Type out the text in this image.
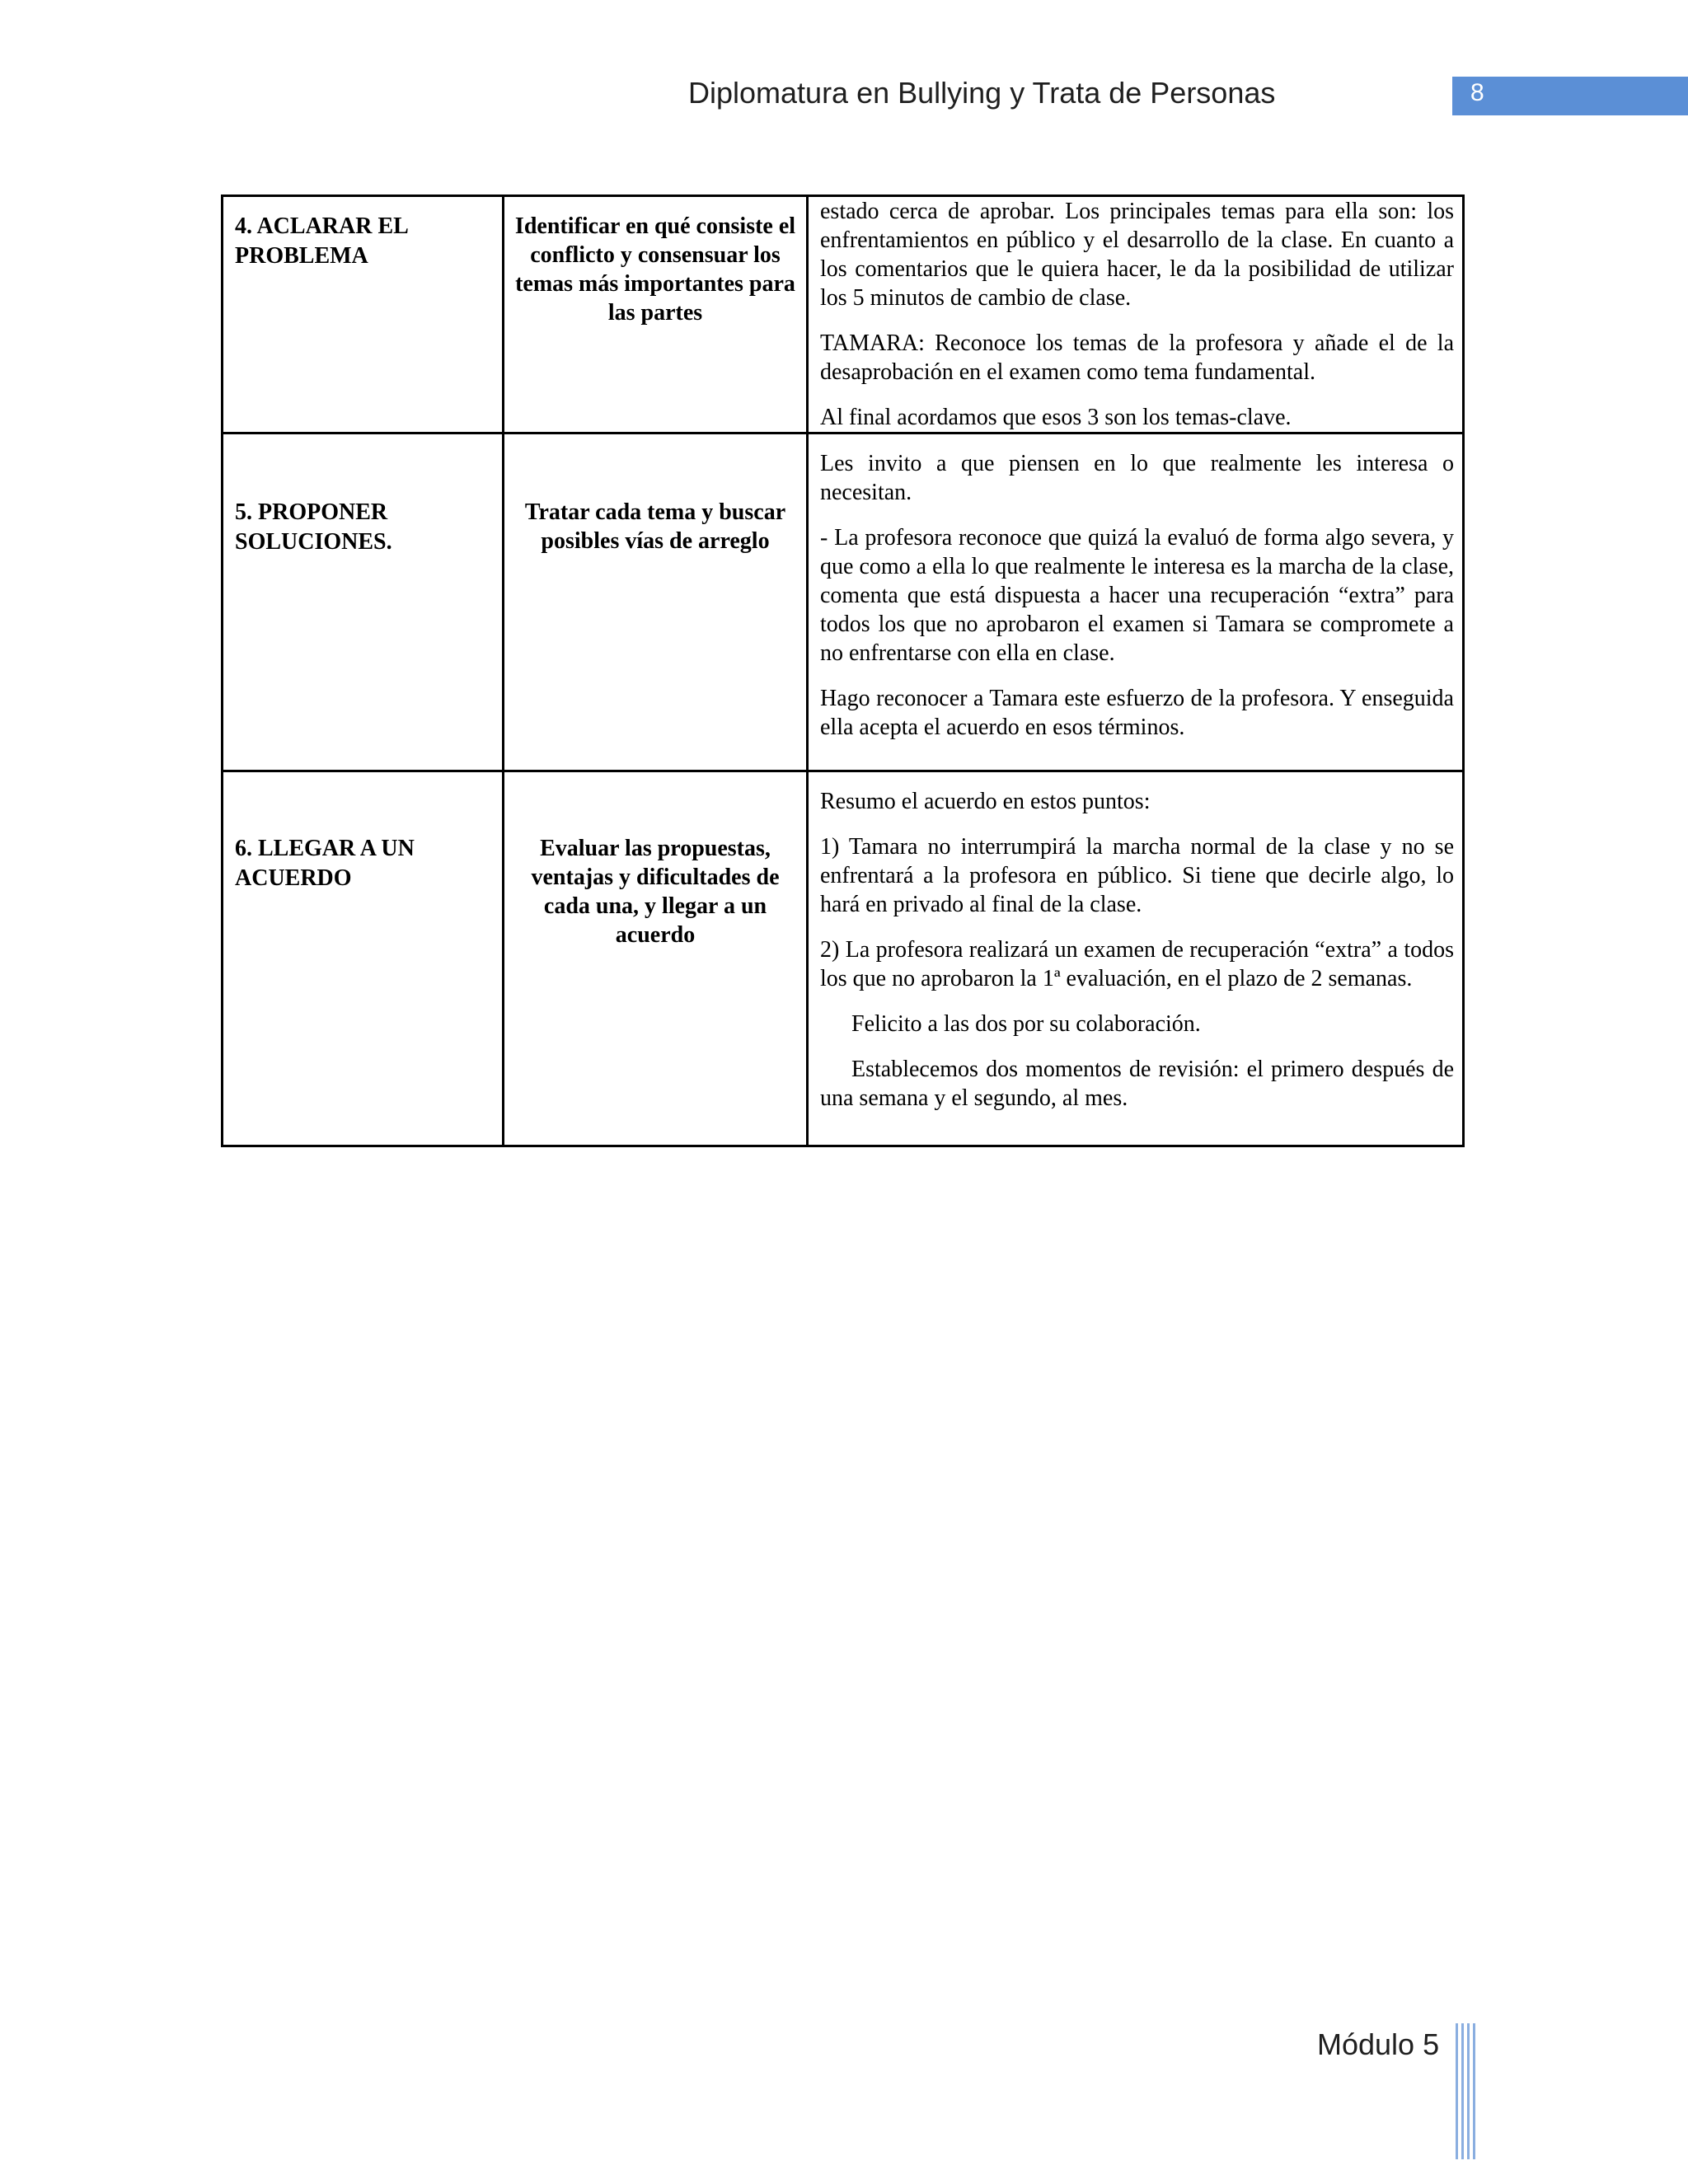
Diplomatura en Bullying y Trata de Personas	8
4. ACLARAR EL PROBLEMA	Identificar en qué consiste el conflicto y consensuar los temas más importantes para las partes	estado cerca de aprobar. Los principales temas para ella son: los enfrentamientos en público y el desarrollo de la clase. En cuanto a los comentarios que le quiera hacer, le da la posibilidad de utilizar los 5 minutos de cambio de clase.

TAMARA: Reconoce los temas de la profesora y añade el de la desaprobación en el examen como tema fundamental.

Al final acordamos que esos 3 son los temas-clave.

5. PROPONER SOLUCIONES.	Tratar cada tema y buscar posibles vías de arreglo	Les invito a que piensen en lo que realmente les interesa o necesitan.

- La profesora reconoce que quizá la evaluó de forma algo severa, y que como a ella lo que realmente le interesa es la marcha de la clase, comenta que está dispuesta a hacer una recuperación “extra” para todos los que no aprobaron el examen si Tamara se compromete a no enfrentarse con ella en clase.

Hago reconocer a Tamara este esfuerzo de la profesora. Y enseguida ella acepta el acuerdo en esos términos.

6. LLEGAR A UN ACUERDO	Evaluar las propuestas, ventajas y dificultades de cada una, y llegar a un acuerdo	Resumo el acuerdo en estos puntos:

1) Tamara no interrumpirá la marcha normal de la clase y no se enfrentará a la profesora en público. Si tiene que decirle algo, lo hará en privado al final de la clase.

2) La profesora realizará un examen de recuperación “extra” a todos los que no aprobaron la 1ª evaluación, en el plazo de 2 semanas.

Felicito a las dos por su colaboración.

Establecemos dos momentos de revisión: el primero después de una semana y el segundo, al mes.

Módulo 5
